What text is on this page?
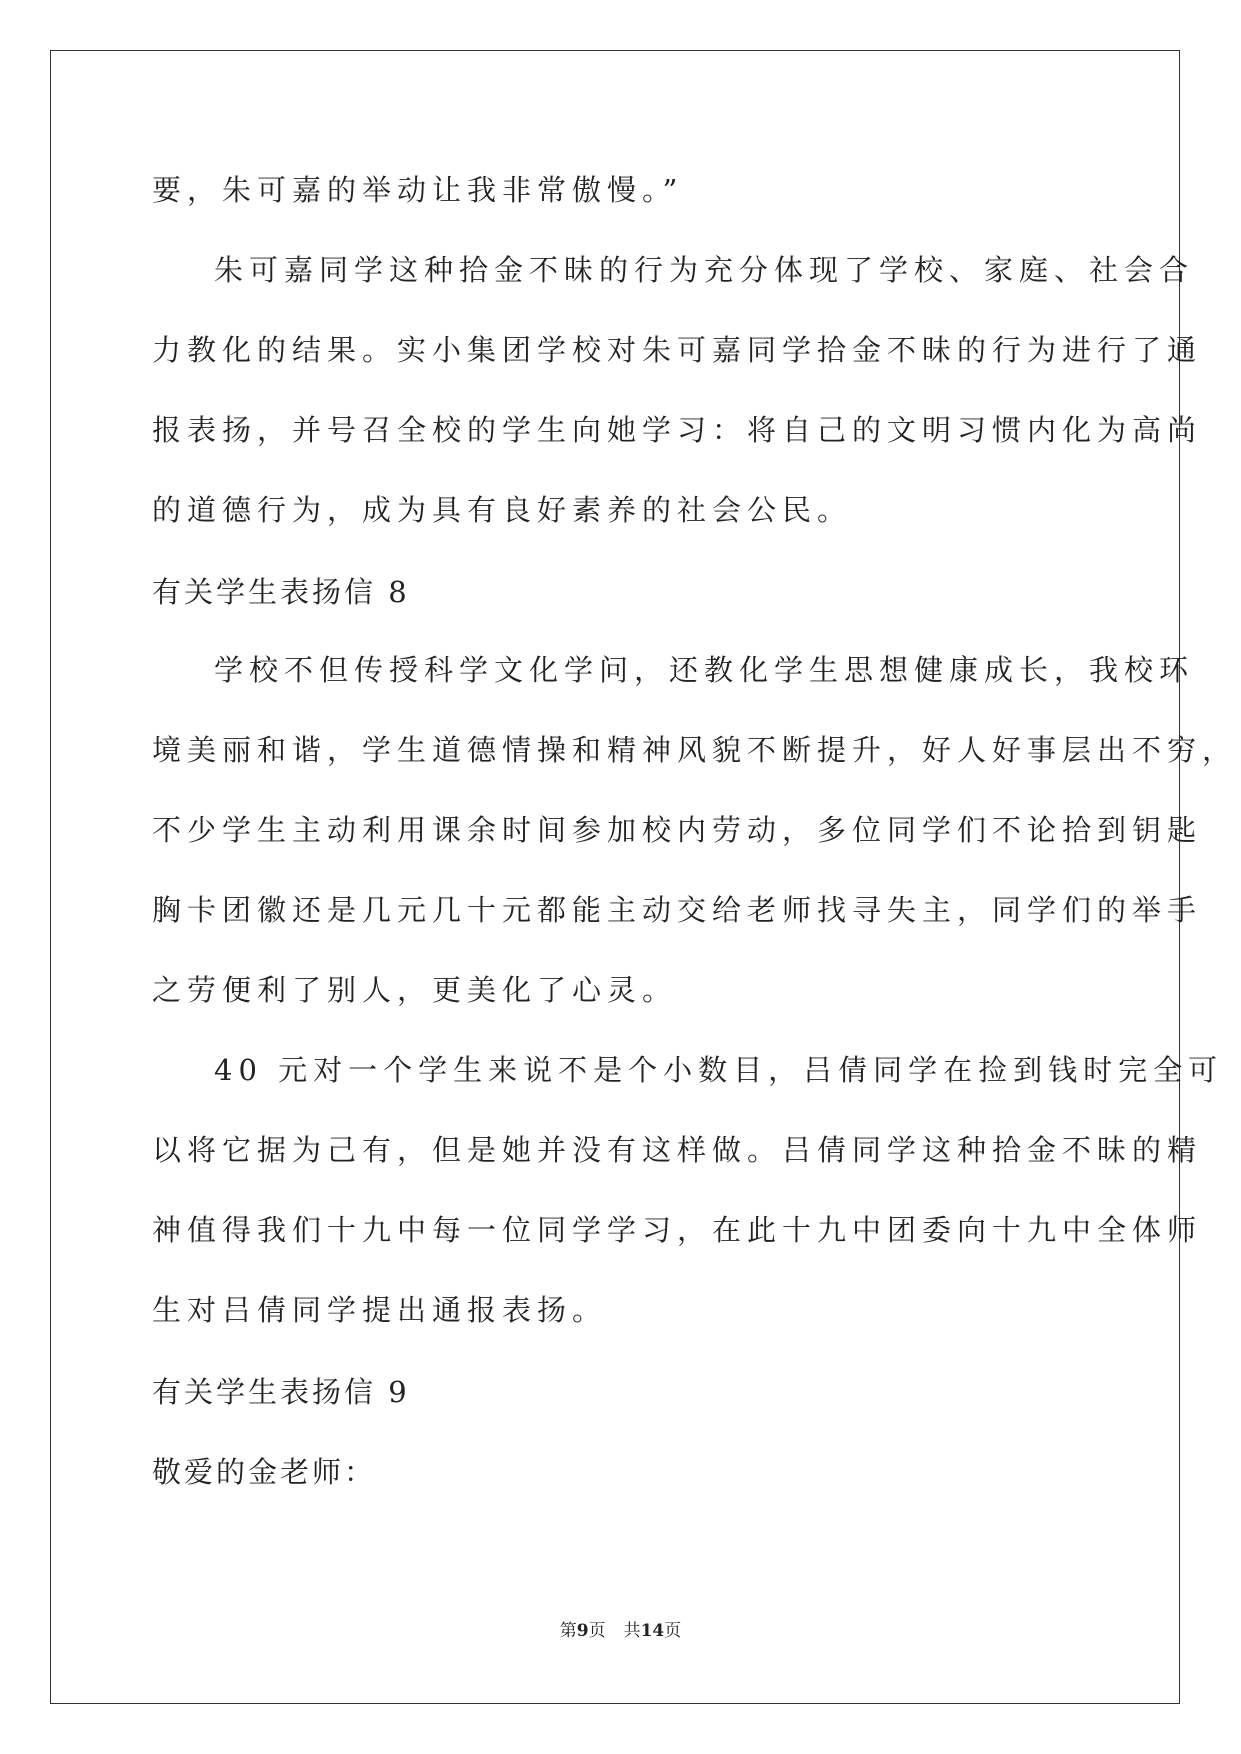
要，朱可嘉的举动让我非常傲慢。”
朱可嘉同学这种拾金不昧的行为充分体现了学校、家庭、社会合
力教化的结果。实小集团学校对朱可嘉同学拾金不昧的行为进行了通
报表扬，并号召全校的学生向她学习：将自己的文明习惯内化为高尚
的道德行为，成为具有良好素养的社会公民。
有关学生表扬信 8
学校不但传授科学文化学问，还教化学生思想健康成长，我校环
境美丽和谐，学生道德情操和精神风貌不断提升，好人好事层出不穷，
不少学生主动利用课余时间参加校内劳动，多位同学们不论拾到钥匙
胸卡团徽还是几元几十元都能主动交给老师找寻失主，同学们的举手
之劳便利了别人，更美化了心灵。
40 元对一个学生来说不是个小数目，吕倩同学在捡到钱时完全可
以将它据为己有，但是她并没有这样做。吕倩同学这种拾金不昧的精
神值得我们十九中每一位同学学习，在此十九中团委向十九中全体师
生对吕倩同学提出通报表扬。
有关学生表扬信 9
敬爱的金老师：
第9页 共14页
